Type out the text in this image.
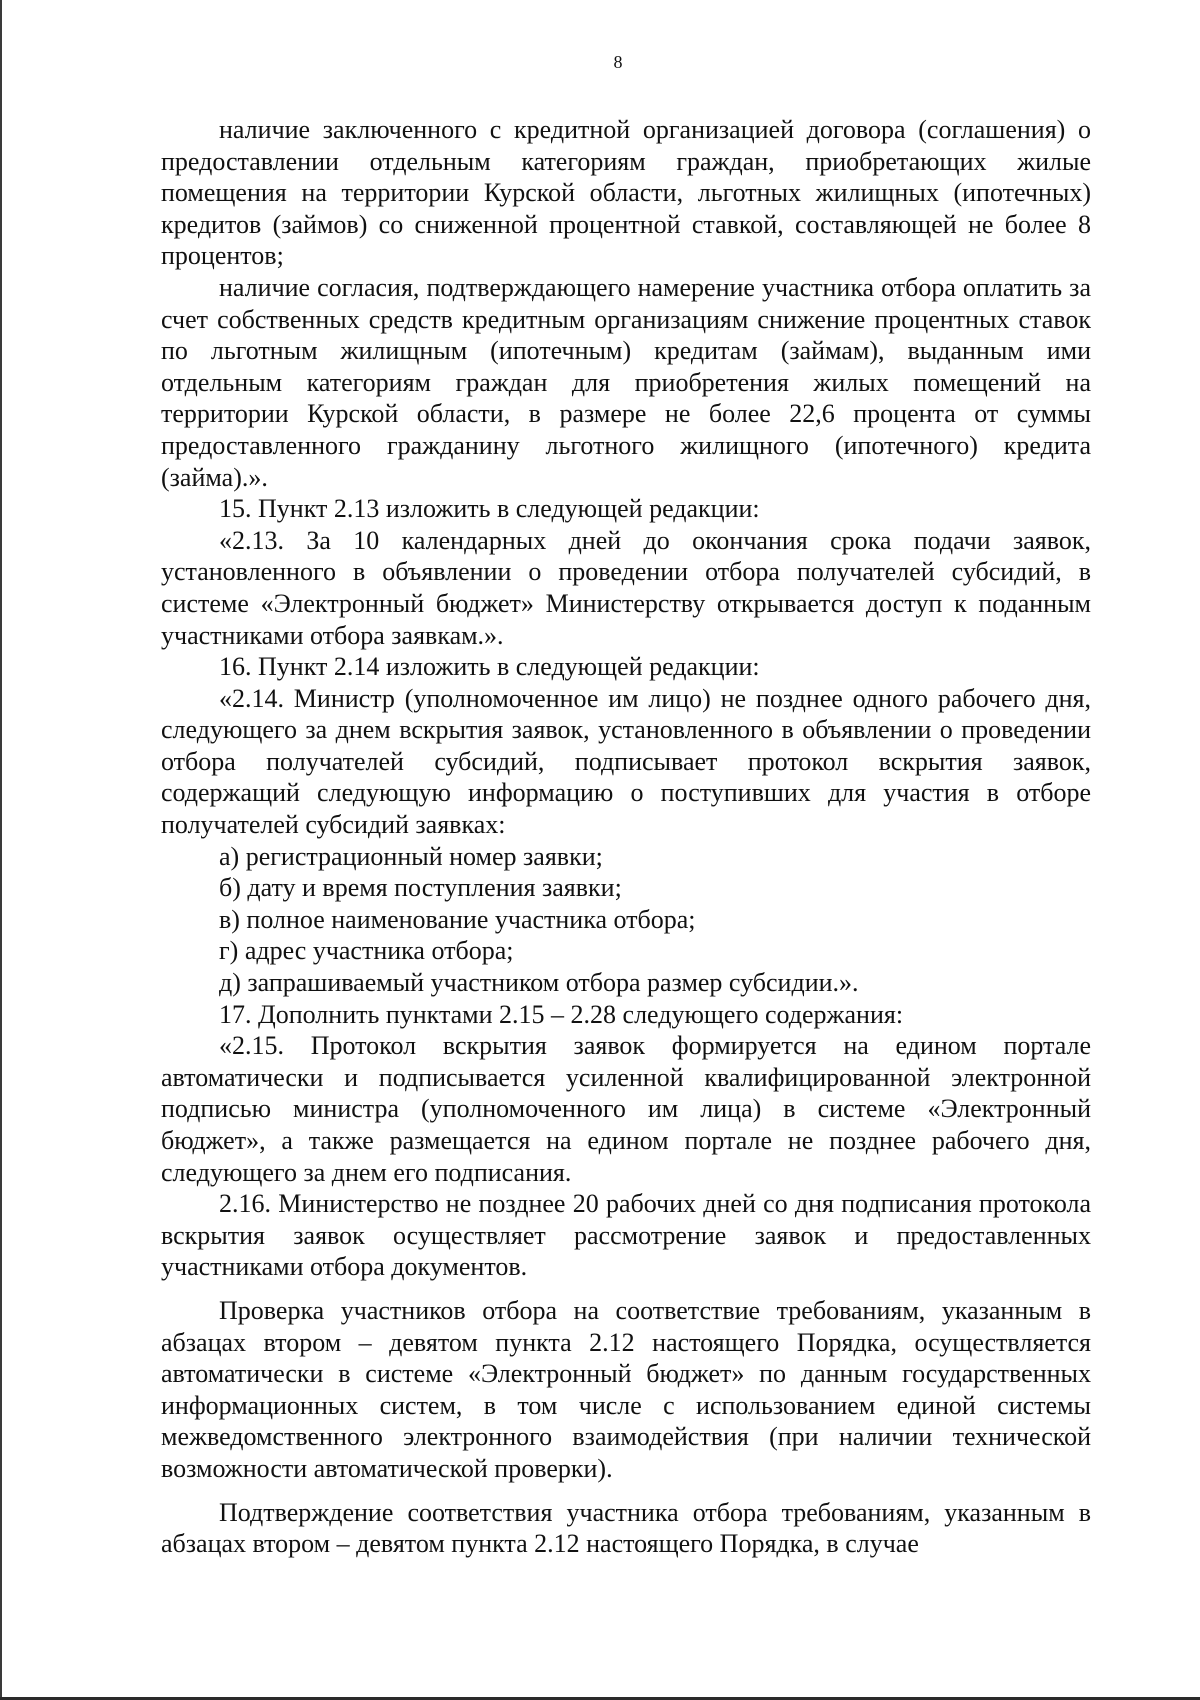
8

наличие заключенного с кредитной организацией договора (соглашения) о предоставлении отдельным категориям граждан, приобретающих жилые помещения на территории Курской области, льготных жилищных (ипотечных) кредитов (займов) со сниженной процентной ставкой, составляющей не более 8 процентов;

наличие согласия, подтверждающего намерение участника отбора оплатить за счет собственных средств кредитным организациям снижение процентных ставок по льготным жилищным (ипотечным) кредитам (займам), выданным ими отдельным категориям граждан для приобретения жилых помещений на территории Курской области, в размере не более 22,6 процента от суммы предоставленного гражданину льготного жилищного (ипотечного) кредита (займа).».

15. Пункт 2.13 изложить в следующей редакции:

«2.13. За 10 календарных дней до окончания срока подачи заявок, установленного в объявлении о проведении отбора получателей субсидий, в системе «Электронный бюджет» Министерству открывается доступ к поданным участниками отбора заявкам.».

16. Пункт 2.14 изложить в следующей редакции:

«2.14. Министр (уполномоченное им лицо) не позднее одного рабочего дня, следующего за днем вскрытия заявок, установленного в объявлении о проведении отбора получателей субсидий, подписывает протокол вскрытия заявок, содержащий следующую информацию о поступивших для участия в отборе получателей субсидий заявках:

а) регистрационный номер заявки;

б) дату и время поступления заявки;

в) полное наименование участника отбора;

г) адрес участника отбора;

д) запрашиваемый участником отбора размер субсидии.».

17. Дополнить пунктами 2.15 – 2.28 следующего содержания:

«2.15. Протокол вскрытия заявок формируется на едином портале автоматически и подписывается усиленной квалифицированной электронной подписью министра (уполномоченного им лица) в системе «Электронный бюджет», а также размещается на едином портале не позднее рабочего дня, следующего за днем его подписания.

2.16. Министерство не позднее 20 рабочих дней со дня подписания протокола вскрытия заявок осуществляет рассмотрение заявок и предоставленных участниками отбора документов.

Проверка участников отбора на соответствие требованиям, указанным в абзацах втором – девятом пункта 2.12 настоящего Порядка, осуществляется автоматически в системе «Электронный бюджет» по данным государственных информационных систем, в том числе с использованием единой системы межведомственного электронного взаимодействия (при наличии технической возможности автоматической проверки).

Подтверждение соответствия участника отбора требованиям, указанным в абзацах втором – девятом пункта 2.12 настоящего Порядка, в случае
